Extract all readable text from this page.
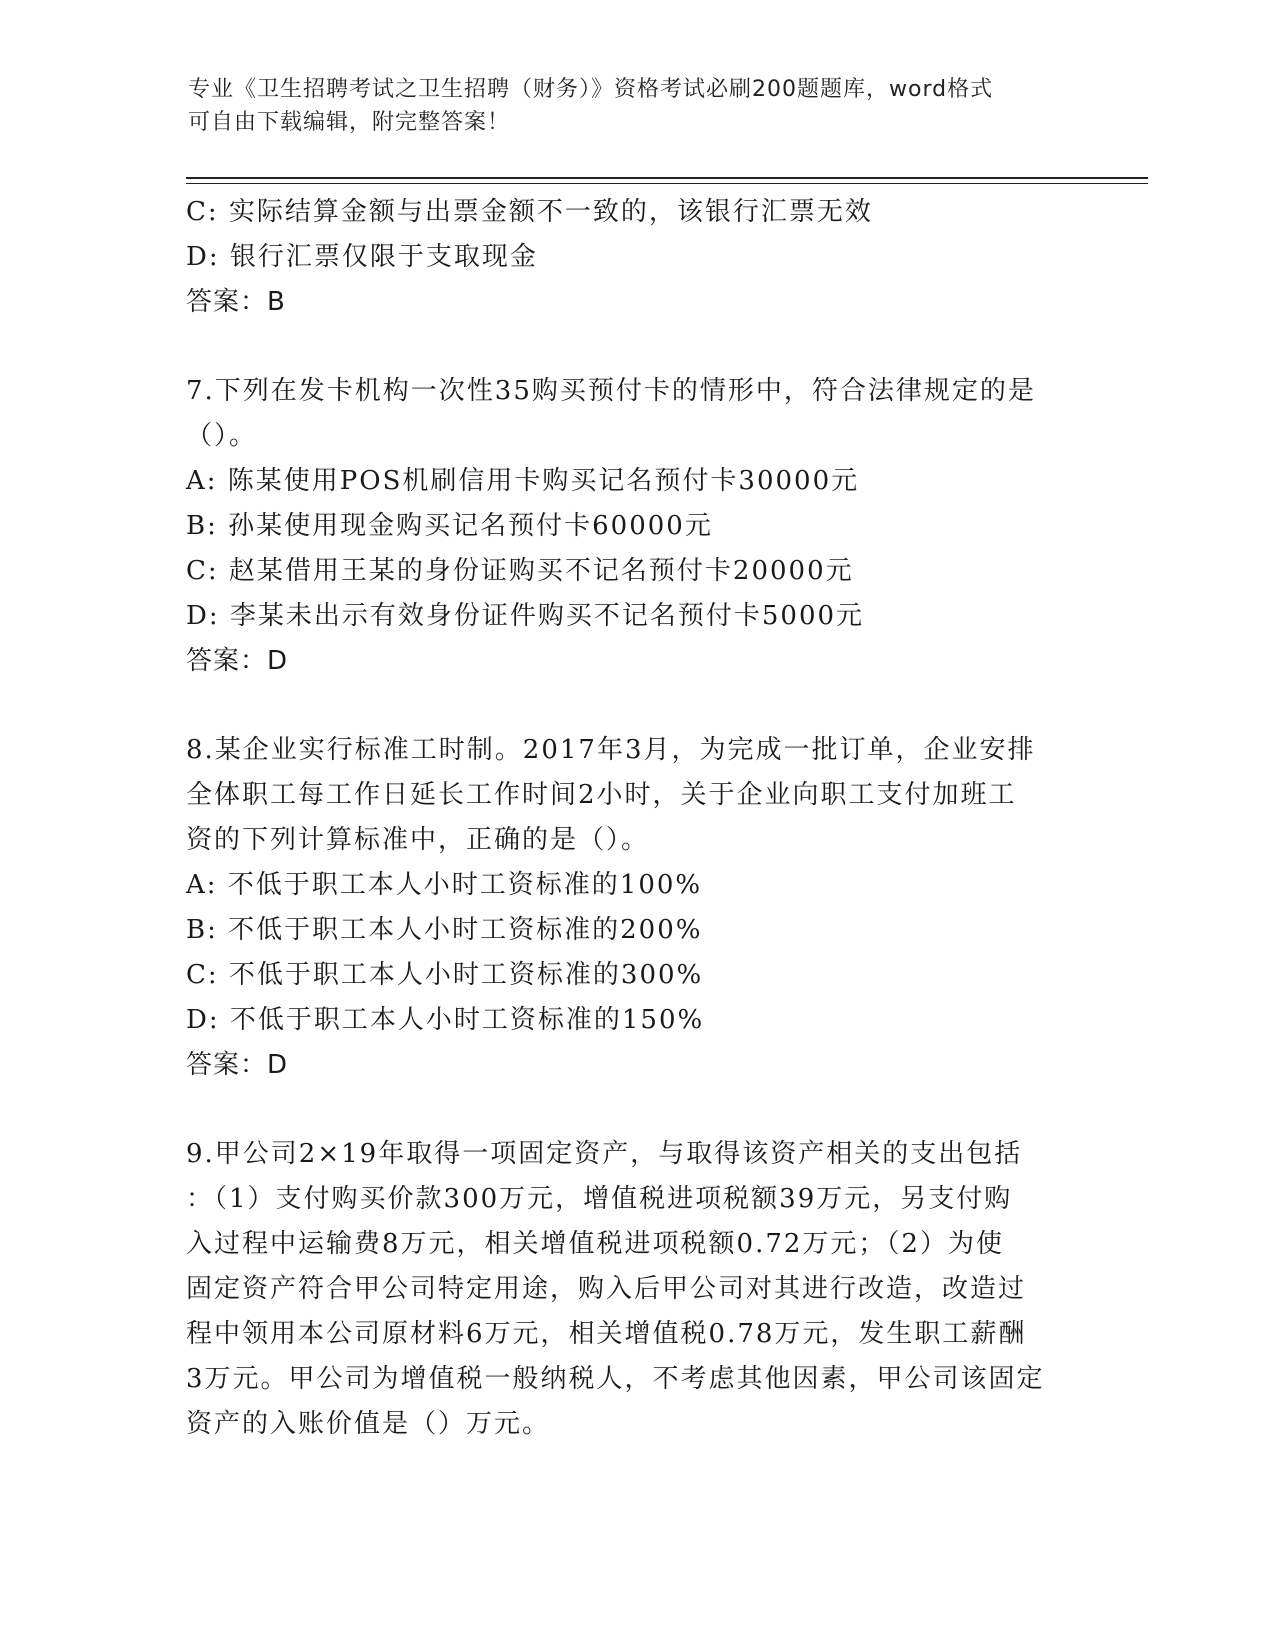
专业《卫生招聘考试之卫生招聘（财务）》资格考试必刷200题题库，word格式
可自由下载编辑，附完整答案！
C: 实际结算金额与出票金额不一致的，该银行汇票无效
D: 银行汇票仅限于支取现金
答案：B
7.下列在发卡机构一次性35购买预付卡的情形中，符合法律规定的是
（）。
A: 陈某使用POS机刷信用卡购买记名预付卡30000元
B: 孙某使用现金购买记名预付卡60000元
C: 赵某借用王某的身份证购买不记名预付卡20000元
D: 李某未出示有效身份证件购买不记名预付卡5000元
答案：D
8.某企业实行标准工时制。2017年3月，为完成一批订单，企业安排
全体职工每工作日延长工作时间2小时，关于企业向职工支付加班工
资的下列计算标准中，正确的是（）。
A: 不低于职工本人小时工资标准的100%
B: 不低于职工本人小时工资标准的200%
C: 不低于职工本人小时工资标准的300%
D: 不低于职工本人小时工资标准的150%
答案：D
9.甲公司2×19年取得一项固定资产，与取得该资产相关的支出包括
：（1）支付购买价款300万元，增值税进项税额39万元，另支付购
入过程中运输费8万元，相关增值税进项税额0.72万元；（2）为使
固定资产符合甲公司特定用途，购入后甲公司对其进行改造，改造过
程中领用本公司原材料6万元，相关增值税0.78万元，发生职工薪酬
3万元。甲公司为增值税一般纳税人，不考虑其他因素，甲公司该固定
资产的入账价值是（）万元。
